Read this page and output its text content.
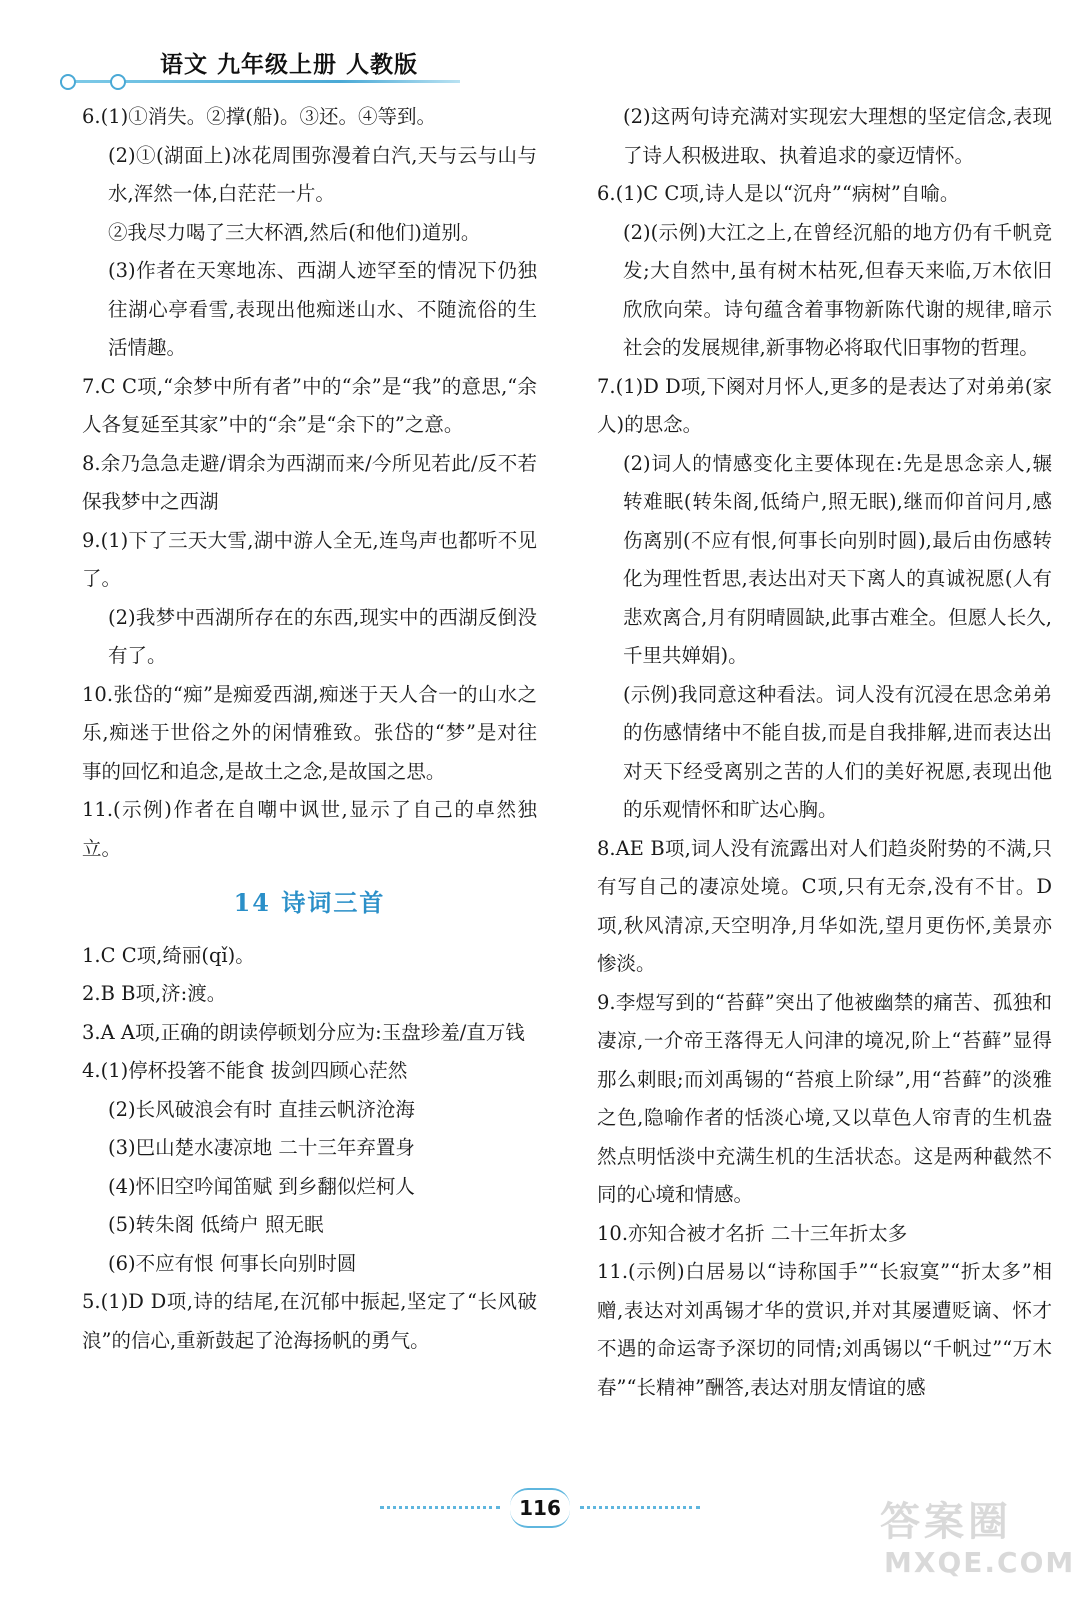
语文 九年级上册 人教版

6.(1)①消失。②撑(船)。③还。④等到。

(2)①(湖面上)冰花周围弥漫着白汽,天与云与山与水,浑然一体,白茫茫一片。

②我尽力喝了三大杯酒,然后(和他们)道别。

(3)作者在天寒地冻、西湖人迹罕至的情况下仍独往湖心亭看雪,表现出他痴迷山水、不随流俗的生活情趣。

7.C C项,“余梦中所有者”中的“余”是“我”的意思,“余人各复延至其家”中的“余”是“余下的”之意。

8.余乃急急走避/谓余为西湖而来/今所见若此/反不若保我梦中之西湖

9.(1)下了三天大雪,湖中游人全无,连鸟声也都听不见了。

(2)我梦中西湖所存在的东西,现实中的西湖反倒没有了。

10.张岱的“痴”是痴爱西湖,痴迷于天人合一的山水之乐,痴迷于世俗之外的闲情雅致。张岱的“梦”是对往事的回忆和追念,是故土之念,是故国之思。

11.(示例)作者在自嘲中讽世,显示了自己的卓然独立。

14 诗词三首

1.C C项,绮丽(qǐ)。

2.B B项,济:渡。

3.A A项,正确的朗读停顿划分应为:玉盘珍羞/直万钱

4.(1)停杯投箸不能食 拔剑四顾心茫然

(2)长风破浪会有时 直挂云帆济沧海

(3)巴山楚水凄凉地 二十三年弃置身

(4)怀旧空吟闻笛赋 到乡翻似烂柯人

(5)转朱阁 低绮户 照无眠

(6)不应有恨 何事长向别时圆

5.(1)D D项,诗的结尾,在沉郁中振起,坚定了“长风破浪”的信心,重新鼓起了沧海扬帆的勇气。

(2)这两句诗充满对实现宏大理想的坚定信念,表现了诗人积极进取、执着追求的豪迈情怀。

6.(1)C C项,诗人是以“沉舟”“病树”自喻。

(2)(示例)大江之上,在曾经沉船的地方仍有千帆竞发;大自然中,虽有树木枯死,但春天来临,万木依旧欣欣向荣。诗句蕴含着事物新陈代谢的规律,暗示社会的发展规律,新事物必将取代旧事物的哲理。

7.(1)D D项,下阕对月怀人,更多的是表达了对弟弟(家人)的思念。

(2)词人的情感变化主要体现在:先是思念亲人,辗转难眠(转朱阁,低绮户,照无眠),继而仰首问月,感伤离别(不应有恨,何事长向别时圆),最后由伤感转化为理性哲思,表达出对天下离人的真诚祝愿(人有悲欢离合,月有阴晴圆缺,此事古难全。但愿人长久,千里共婵娟)。

(示例)我同意这种看法。词人没有沉浸在思念弟弟的伤感情绪中不能自拔,而是自我排解,进而表达出对天下经受离别之苦的人们的美好祝愿,表现出他的乐观情怀和旷达心胸。

8.AE B项,词人没有流露出对人们趋炎附势的不满,只有写自己的凄凉处境。C项,只有无奈,没有不甘。D项,秋风清凉,天空明净,月华如洗,望月更伤怀,美景亦惨淡。

9.李煜写到的“苔藓”突出了他被幽禁的痛苦、孤独和凄凉,一介帝王落得无人问津的境况,阶上“苔藓”显得那么刺眼;而刘禹锡的“苔痕上阶绿”,用“苔藓”的淡雅之色,隐喻作者的恬淡心境,又以草色人帘青的生机盎然点明恬淡中充满生机的生活状态。这是两种截然不同的心境和情感。

10.亦知合被才名折 二十三年折太多

11.(示例)白居易以“诗称国手”“长寂寞”“折太多”相赠,表达对刘禹锡才华的赏识,并对其屡遭贬谪、怀才不遇的命运寄予深切的同情;刘禹锡以“千帆过”“万木春”“长精神”酬答,表达对朋友情谊的感

116	答案圈
MXQE.COM
